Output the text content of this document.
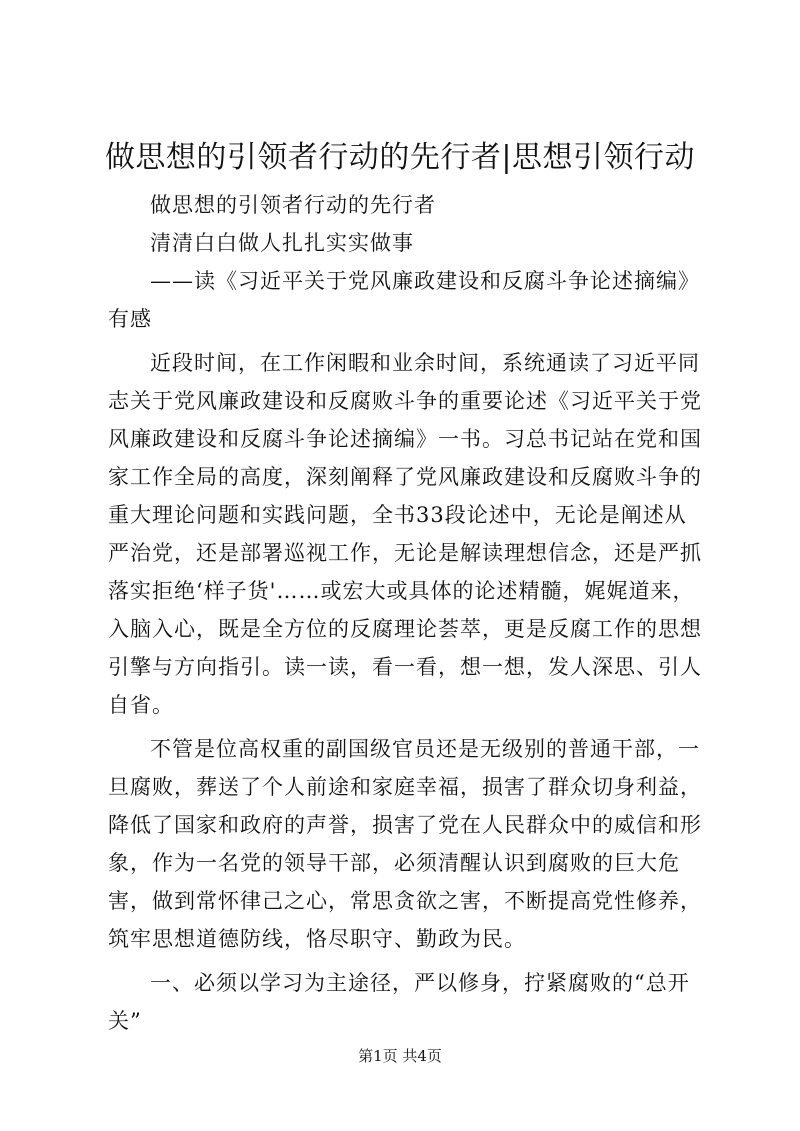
做思想的引领者行动的先行者|思想引领行动

做思想的引领者行动的先行者

清清白白做人扎扎实实做事

——读《习近平关于党风廉政建设和反腐斗争论述摘编》有感

近段时间，在工作闲暇和业余时间，系统通读了习近平同志关于党风廉政建设和反腐败斗争的重要论述《习近平关于党风廉政建设和反腐斗争论述摘编》一书。习总书记站在党和国家工作全局的高度，深刻阐释了党风廉政建设和反腐败斗争的重大理论问题和实践问题，全书33段论述中，无论是阐述从严治党，还是部署巡视工作，无论是解读理想信念，还是严抓落实拒绝‘样子货'……或宏大或具体的论述精髓，娓娓道来，入脑入心，既是全方位的反腐理论荟萃，更是反腐工作的思想引擎与方向指引。读一读，看一看，想一想，发人深思、引人自省。

不管是位高权重的副国级官员还是无级别的普通干部，一旦腐败，葬送了个人前途和家庭幸福，损害了群众切身利益，降低了国家和政府的声誉，损害了党在人民群众中的威信和形象，作为一名党的领导干部，必须清醒认识到腐败的巨大危害，做到常怀律己之心，常思贪欲之害，不断提高党性修养，筑牢思想道德防线，恪尽职守、勤政为民。

一、必须以学习为主途径，严以修身，拧紧腐败的“总开关”

第1页 共4页
